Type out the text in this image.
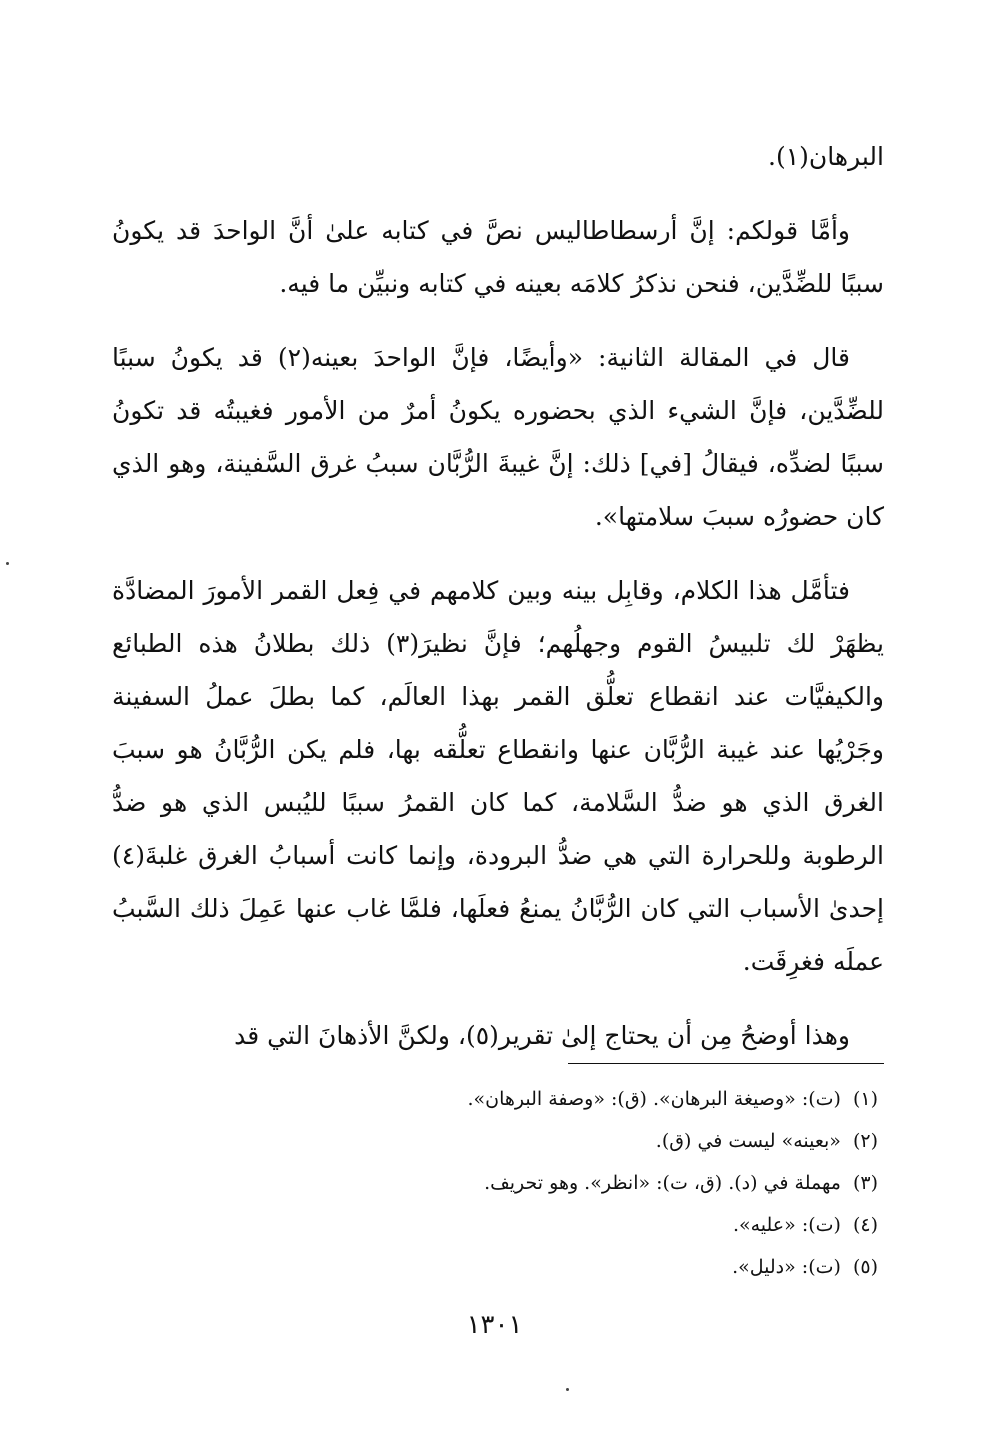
البرهان(١).

وأمَّا قولكم: إنَّ أرسطاطاليس نصَّ في كتابه علىٰ أنَّ الواحدَ قد يكونُ سببًا للضِّدَّين، فنحن نذكرُ كلامَه بعينه في كتابه ونبيِّن ما فيه.

قال في المقالة الثانية: «وأيضًا، فإنَّ الواحدَ بعينه(٢) قد يكونُ سببًا للضِّدَّين، فإنَّ الشيء الذي بحضوره يكونُ أمرٌ من الأمور فغيبتُه قد تكونُ سببًا لضدِّه، فيقالُ [في] ذلك: إنَّ غيبةَ الرُّبَّان سببُ غرق السَّفينة، وهو الذي كان حضورُه سببَ سلامتها».

فتأمَّل هذا الكلام، وقابِل بينه وبين كلامهم في فِعل القمر الأمورَ المضادَّة يظهَرْ لك تلبيسُ القوم وجهلُهم؛ فإنَّ نظيرَ(٣) ذلك بطلانُ هذه الطبائع والكيفيَّات عند انقطاع تعلُّق القمر بهذا العالَم، كما بطلَ عملُ السفينة وجَرْيُها عند غيبة الرُّبَّان عنها وانقطاع تعلُّقه بها، فلم يكن الرُّبَّانُ هو سببَ الغرق الذي هو ضدُّ السَّلامة، كما كان القمرُ سببًا لليُبس الذي هو ضدُّ الرطوبة وللحرارة التي هي ضدُّ البرودة، وإنما كانت أسبابُ الغرق غلبةَ(٤) إحدىٰ الأسباب التي كان الرُّبَّانُ يمنعُ فعلَها، فلمَّا غاب عنها عَمِلَ ذلك السَّببُ عملَه فغرِقَت.

وهذا أوضحُ مِن أن يحتاج إلىٰ تقرير(٥)، ولكنَّ الأذهانَ التي قد

(١)(ت): «وصيغة البرهان». (ق): «وصفة البرهان».
(٢)«بعينه» ليست في (ق).
(٣)مهملة في (د). (ق، ت): «انظر». وهو تحريف.
(٤)(ت): «عليه».
(٥)(ت): «دليل».
١٣٠١
